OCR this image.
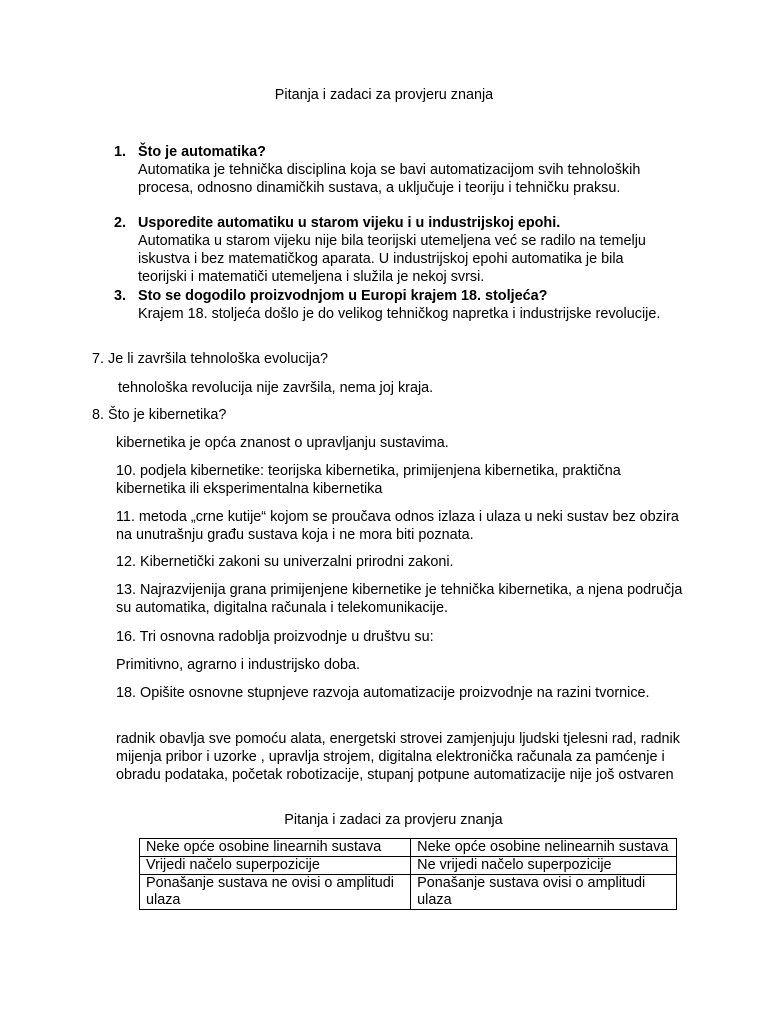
Pitanja i zadaci za provjeru znanja
1. Što je automatika?
Automatika je tehnička disciplina koja se bavi automatizacijom svih tehnoloških procesa, odnosno dinamičkih sustava, a uključuje i teoriju i tehničku praksu.
2. Usporedite automatiku u starom vijeku i u industrijskoj epohi.
Automatika u starom vijeku nije bila teorijski utemeljena već se radilo na temelju iskustva i bez matematičkog aparata. U industrijskoj epohi automatika je bila teorijski i matematiči utemeljena i služila je nekoj svrsi.
3. Sto se dogodilo proizvodnjom u Europi krajem 18. stoljeća?
Krajem 18. stoljeća došlo je do velikog tehničkog napretka i industrijske revolucije.
7. Je li završila tehnološka evolucija?
tehnološka revolucija nije završila, nema joj kraja.
8. Što je kibernetika?
kibernetika je opća znanost o upravljanju sustavima.
10. podjela kibernetike: teorijska kibernetika, primijenjena kibernetika, praktična kibernetika ili eksperimentalna kibernetika
11. metoda „crne kutije“ kojom se proučava odnos izlaza i ulaza u neki sustav bez obzira na unutrašnju građu sustava koja i ne mora biti poznata.
12. Kibernetički zakoni su univerzalni prirodni zakoni.
13. Najrazvijenija grana primijenjene kibernetike je tehnička kibernetika, a njena područja su automatika, digitalna računala i telekomunikacije.
16. Tri osnovna radoblja proizvodnje u društvu su:
Primitivno, agrarno i industrijsko doba.
18. Opišite osnovne stupnjeve razvoja automatizacije proizvodnje na razini tvornice.
radnik obavlja sve pomoću alata, energetski strovei zamjenjuju ljudski tjelesni rad, radnik mijenja pribor i uzorke , upravlja strojem, digitalna elektronička računala za pamćenje i obradu podataka, početak robotizacije, stupanj potpune automatizacije nije još ostvaren
Pitanja i zadaci za provjeru znanja
Neke opće osobine linearnih sustava	Neke opće osobine nelinearnih sustava
Vrijedi načelo superpozicije	Ne vrijedi načelo superpozicije
Ponašanje sustava ne ovisi o amplitudi ulaza	Ponašanje sustava ovisi o amplitudi ulaza
